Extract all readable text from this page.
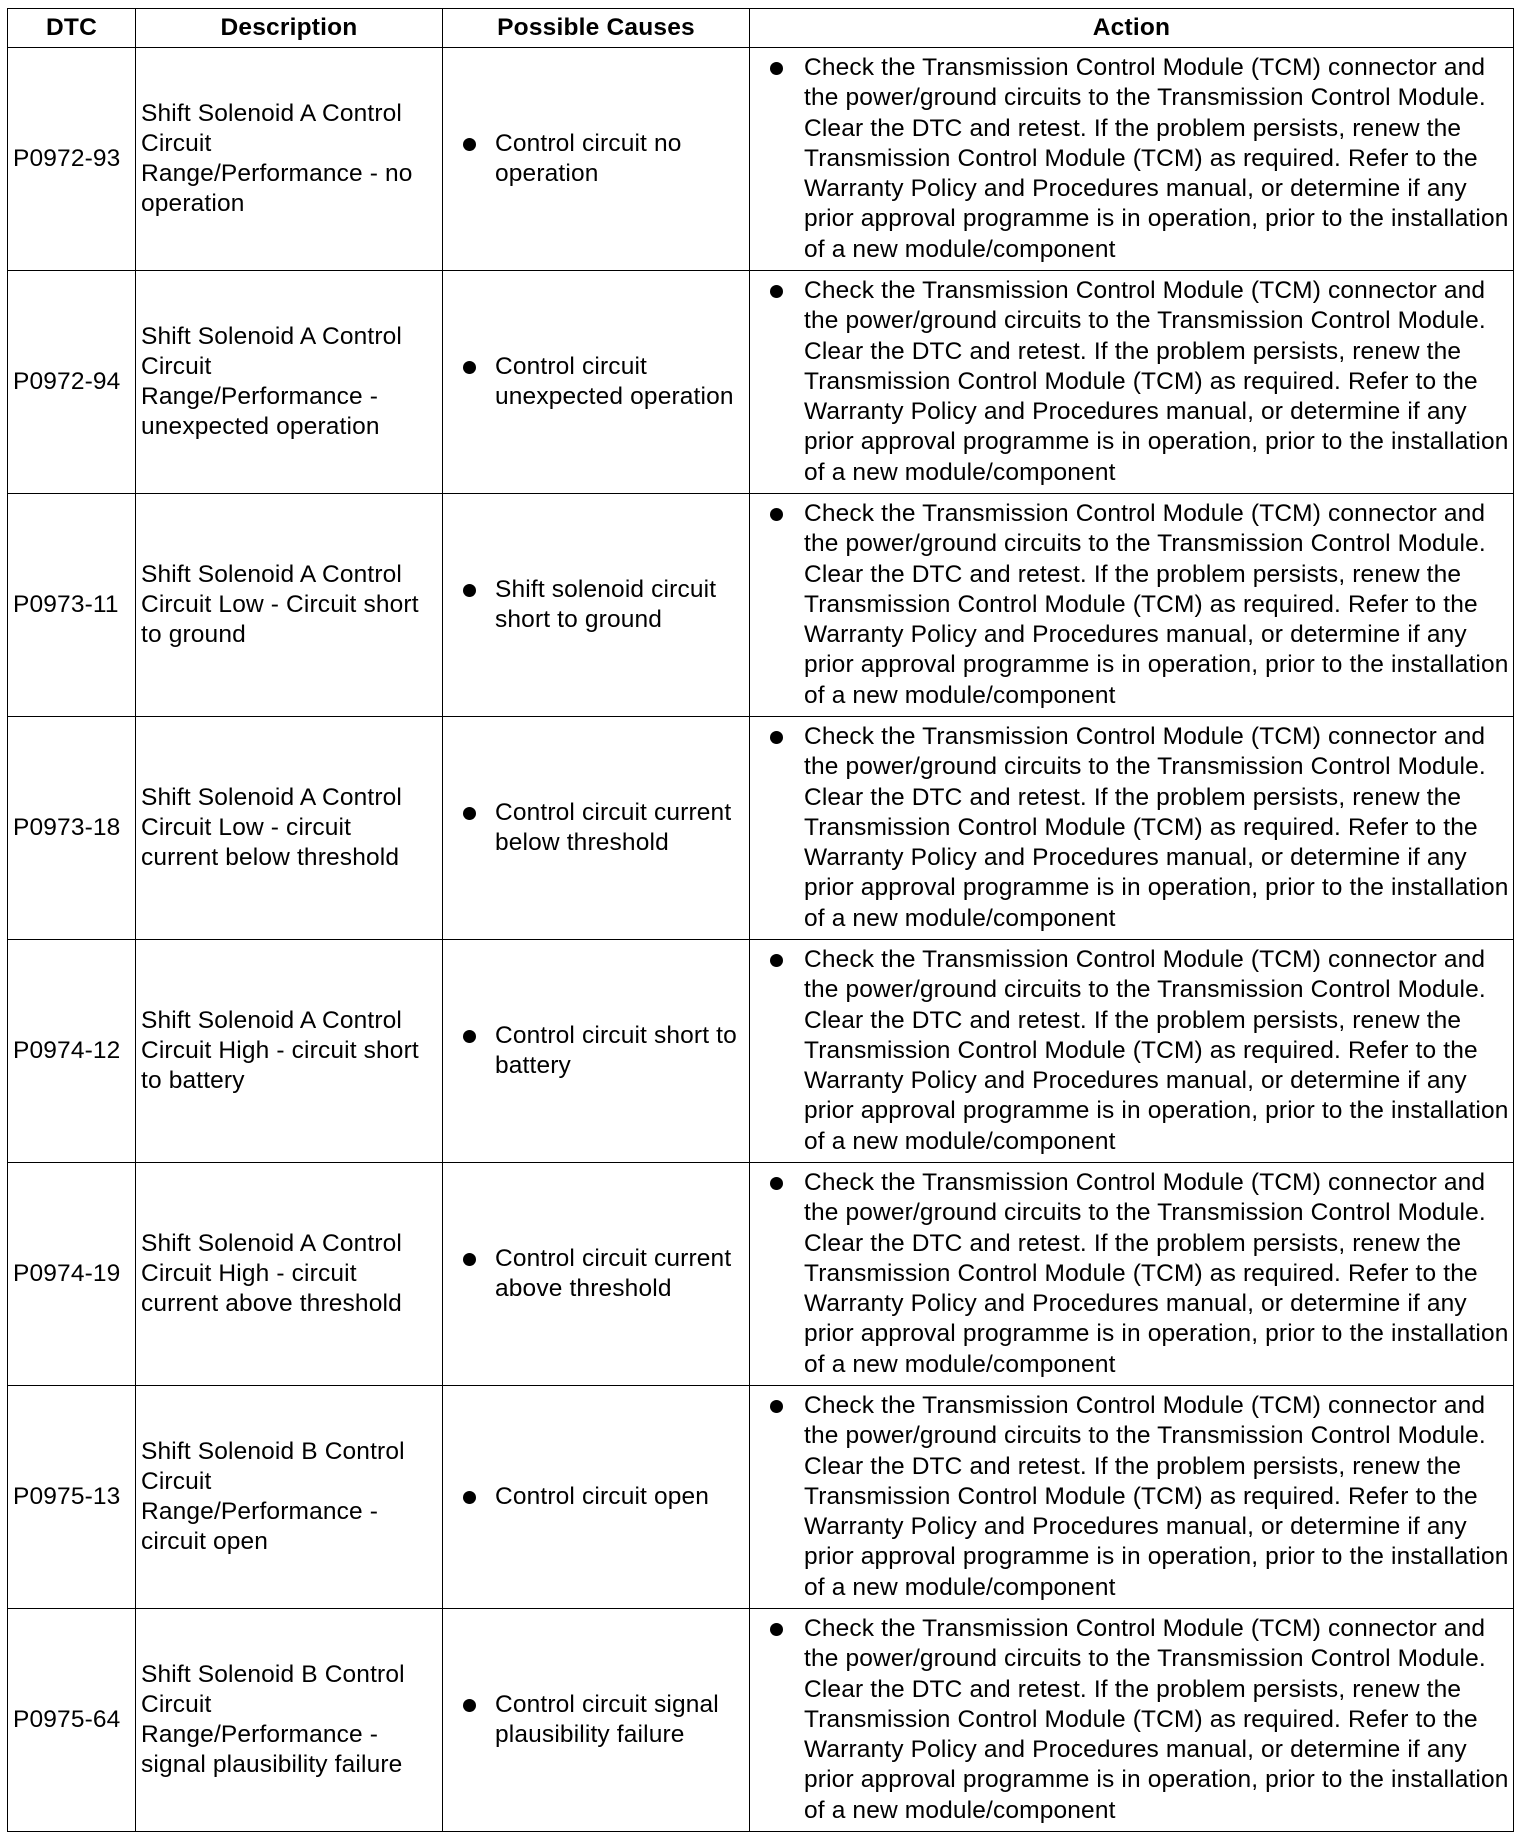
DTC	Description	Possible Causes	Action
P0972-93	Shift Solenoid A Control Circuit Range/Performance - no operation	Control circuit no operation	Check the Transmission Control Module (TCM) connector and the power/ground circuits to the Transmission Control Module. Clear the DTC and retest. If the problem persists, renew the Transmission Control Module (TCM) as required. Refer to the Warranty Policy and Procedures manual, or determine if any prior approval programme is in operation, prior to the installation of a new module/component

P0972-94	Shift Solenoid A Control Circuit Range/Performance - unexpected operation	Control circuit unexpected operation	Check the Transmission Control Module (TCM) connector and the power/ground circuits to the Transmission Control Module. Clear the DTC and retest. If the problem persists, renew the Transmission Control Module (TCM) as required. Refer to the Warranty Policy and Procedures manual, or determine if any prior approval programme is in operation, prior to the installation of a new module/component

P0973-11	Shift Solenoid A Control Circuit Low - Circuit short to ground	Shift solenoid circuit short to ground	Check the Transmission Control Module (TCM) connector and the power/ground circuits to the Transmission Control Module. Clear the DTC and retest. If the problem persists, renew the Transmission Control Module (TCM) as required. Refer to the Warranty Policy and Procedures manual, or determine if any prior approval programme is in operation, prior to the installation of a new module/component

P0973-18	Shift Solenoid A Control Circuit Low - circuit current below threshold	Control circuit current below threshold	Check the Transmission Control Module (TCM) connector and the power/ground circuits to the Transmission Control Module. Clear the DTC and retest. If the problem persists, renew the Transmission Control Module (TCM) as required. Refer to the Warranty Policy and Procedures manual, or determine if any prior approval programme is in operation, prior to the installation of a new module/component

P0974-12	Shift Solenoid A Control Circuit High - circuit short to battery	Control circuit short to battery	Check the Transmission Control Module (TCM) connector and the power/ground circuits to the Transmission Control Module. Clear the DTC and retest. If the problem persists, renew the Transmission Control Module (TCM) as required. Refer to the Warranty Policy and Procedures manual, or determine if any prior approval programme is in operation, prior to the installation of a new module/component

P0974-19	Shift Solenoid A Control Circuit High - circuit current above threshold	Control circuit current above threshold	Check the Transmission Control Module (TCM) connector and the power/ground circuits to the Transmission Control Module. Clear the DTC and retest. If the problem persists, renew the Transmission Control Module (TCM) as required. Refer to the Warranty Policy and Procedures manual, or determine if any prior approval programme is in operation, prior to the installation of a new module/component

P0975-13	Shift Solenoid B Control Circuit Range/Performance - circuit open	Control circuit open	Check the Transmission Control Module (TCM) connector and the power/ground circuits to the Transmission Control Module. Clear the DTC and retest. If the problem persists, renew the Transmission Control Module (TCM) as required. Refer to the Warranty Policy and Procedures manual, or determine if any prior approval programme is in operation, prior to the installation of a new module/component

P0975-64	Shift Solenoid B Control Circuit Range/Performance - signal plausibility failure	Control circuit signal plausibility failure	Check the Transmission Control Module (TCM) connector and the power/ground circuits to the Transmission Control Module. Clear the DTC and retest. If the problem persists, renew the Transmission Control Module (TCM) as required. Refer to the Warranty Policy and Procedures manual, or determine if any prior approval programme is in operation, prior to the installation of a new module/component
